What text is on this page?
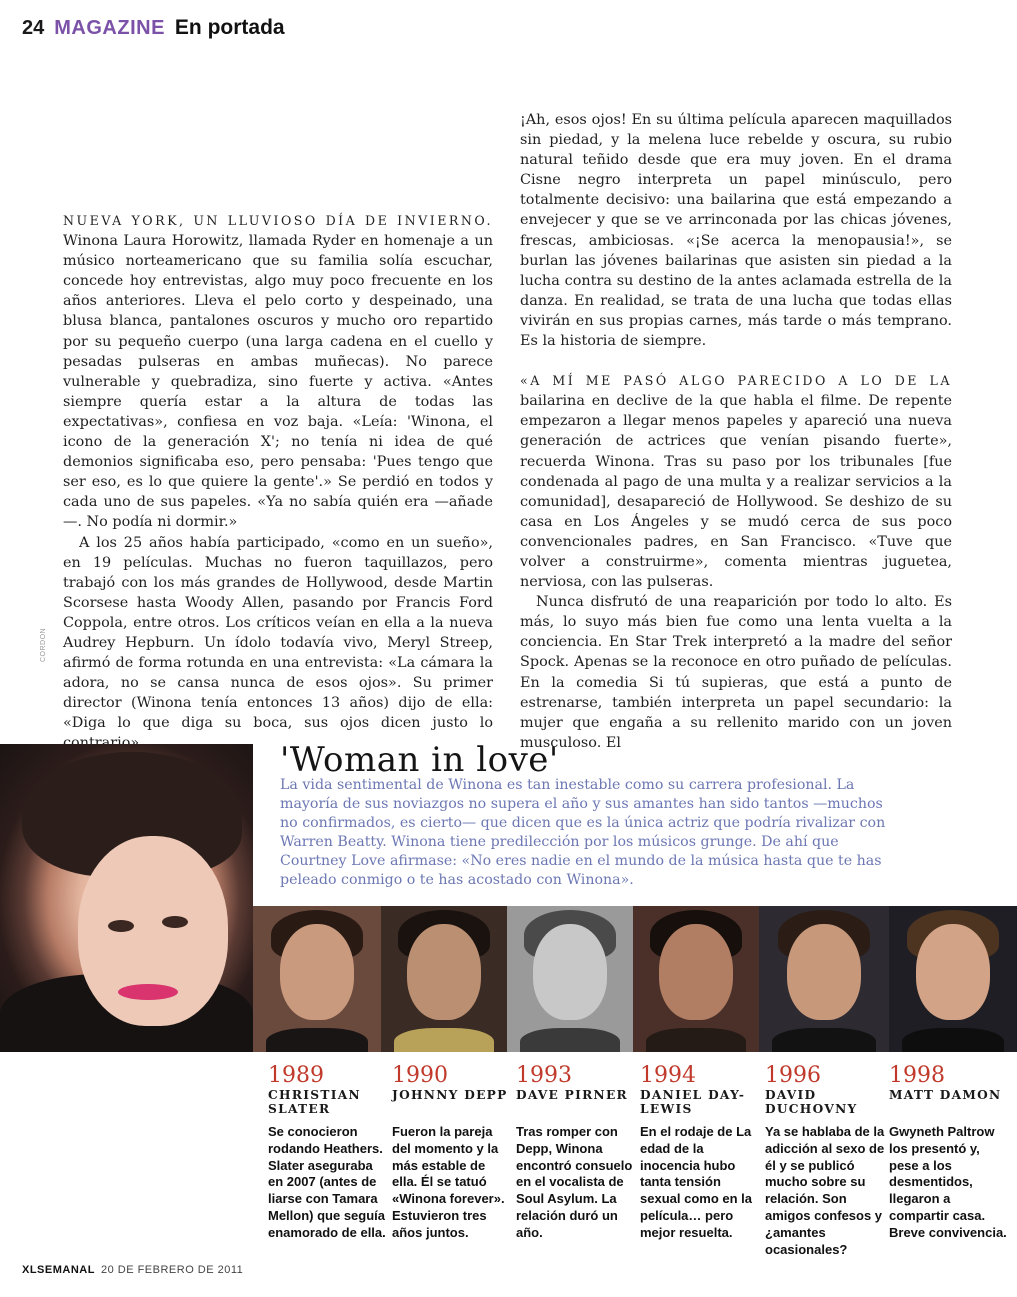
24 MAGAZINE En portada

NUEVA YORK, UN LLUVIOSO DÍA DE INVIERNO. Winona Laura Horowitz, llamada Ryder en homenaje a un músico norteamericano que su familia solía escuchar, concede hoy entrevistas, algo muy poco frecuente en los años anteriores. Lleva el pelo corto y despeinado, una blusa blanca, pantalones oscuros y mucho oro repartido por su pequeño cuerpo (una larga cadena en el cuello y pesadas pulseras en ambas muñecas). No parece vulnerable y quebradiza, sino fuerte y activa. «Antes siempre quería estar a la altura de todas las expectativas», confiesa en voz baja. «Leía: 'Winona, el icono de la generación X'; no tenía ni idea de qué demonios significaba eso, pero pensaba: 'Pues tengo que ser eso, es lo que quiere la gente'.» Se perdió en todos y cada uno de sus papeles. «Ya no sabía quién era —añade—. No podía ni dormir.»

A los 25 años había participado, «como en un sueño», en 19 películas. Muchas no fueron taquillazos, pero trabajó con los más grandes de Hollywood, desde Martin Scorsese hasta Woody Allen, pasando por Francis Ford Coppola, entre otros. Los críticos veían en ella a la nueva Audrey Hepburn. Un ídolo todavía vivo, Meryl Streep, afirmó de forma rotunda en una entrevista: «La cámara la adora, no se cansa nunca de esos ojos». Su primer director (Winona tenía entonces 13 años) dijo de ella: «Diga lo que diga su boca, sus ojos dicen justo lo

CORDON

¡Ah, esos ojos! En su última película aparecen maquillados sin piedad, y la melena luce rebelde y oscura, su rubio natural teñido desde que era muy joven. En el drama Cisne negro interpreta un papel minúsculo, pero totalmente decisivo: una bailarina que está empezando a envejecer y que se ve arrinconada por las chicas jóvenes, frescas, ambiciosas. «¡Se acerca la menopausia!», se burlan las jóvenes bailarinas que asisten sin piedad a la lucha contra su destino de la antes aclamada estrella de la danza. En realidad, se trata de una lucha que todas ellas vivirán en sus propias carnes, más tarde o más temprano. Es la historia de siempre.

«A MÍ ME PASÓ ALGO PARECIDO A LO DE LA bailarina en declive de la que habla el filme. De repente empezaron a llegar menos papeles y apareció una nueva generación de actrices que venían pisando fuerte», recuerda Winona. Tras su paso por los tribunales [fue condenada al pago de una multa y a realizar servicios a la comunidad], desapareció de Hollywood. Se deshizo de su casa en Los Ángeles y se mudó cerca de sus poco convencionales padres, en San Francisco. «Tuve que volver a construirme», comenta mientras juguetea, nerviosa, con las pulseras.

Nunca disfrutó de una reaparición por todo lo alto. Es más, lo suyo más bien fue como una lenta vuelta a la conciencia. En Star Trek interpretó a la madre del señor Spock. Apenas se la reconoce en otro puñado de películas. En la comedia Si tú supieras, que está a punto de estrenarse, también interpreta un papel secundario: la mujer que engaña a su rellenito marido con un joven musculoso. El

'Woman in love'
La vida sentimental de Winona es tan inestable como su carrera profesional. La mayoría de sus noviazgos no supera el año y sus amantes han sido tantos —muchos no confirmados, es cierto— que dicen que es la única actriz que podría rivalizar con Warren Beatty. Winona tiene predilección por los músicos grunge. De ahí que Courtney Love afirmase: «No eres nadie en el mundo de la música hasta que te has peleado conmigo o te has acostado con Winona».
1989
CHRISTIAN SLATER
Se conocieron rodando Heathers. Slater aseguraba en 2007 (antes de liarse con Tamara Mellon) que seguía enamorado de ella.
1990
JOHNNY DEPP
Fueron la pareja del momento y la más estable de ella. Él se tatuó «Winona forever». Estuvieron tres años juntos.
1993
DAVE PIRNER
Tras romper con Depp, Winona encontró consuelo en el vocalista de Soul Asylum. La relación duró un año.
1994
DANIEL DAY-LEWIS
En el rodaje de La edad de la inocencia hubo tanta tensión sexual como en la película… pero mejor resuelta.
1996
DAVID DUCHOVNY
Ya se hablaba de la adicción al sexo de él y se publicó mucho sobre su relación. Son amigos confesos y ¿amantes ocasionales?
1998
MATT DAMON
Gwyneth Paltrow los presentó y, pese a los desmentidos, llegaron a compartir casa. Breve convivencia.
XLSEMANAL 20 DE FEBRERO DE 2011
